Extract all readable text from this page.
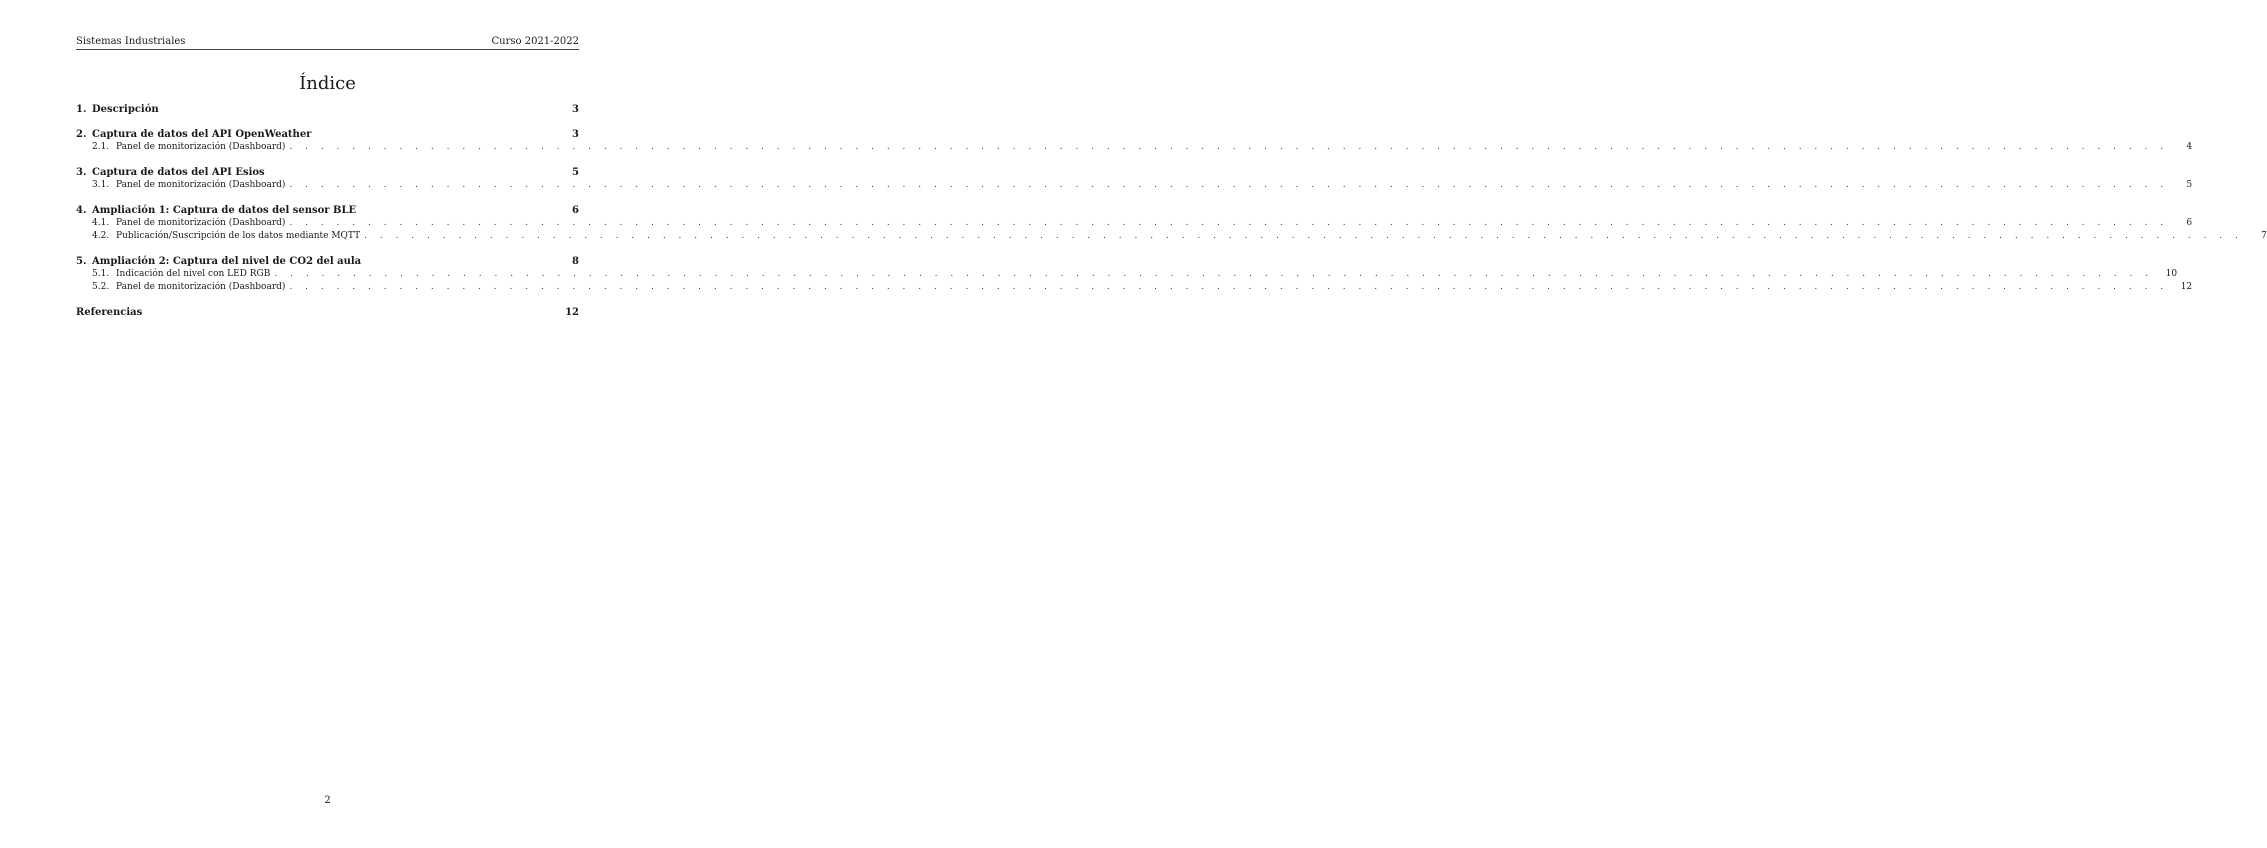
Sistemas Industriales	Curso 2021-2022
Índice
1. Descripción	3
2. Captura de datos del API OpenWeather	3
2.1. Panel de monitorización (Dashboard) . . . . . . . . . . . . . . . . . . . . . . . . . . . . . . . . . . . . . . . . . . . . . . . . . . . . . . . . . . . . . . . . . . . . . . . . . . . . . . . . . . . . . . . . . . . . . . . . . . . . . . . . . . . . . . . . . . . . . . . .	4
3. Captura de datos del API Esios	5
3.1. Panel de monitorización (Dashboard) . . . . . . . . . . . . . . . . . . . . . . . . . . . . . . . . . . . . . . . . . . . . . . . . . . . . . . . . . . . . . . . . . . . . . . . . . . . . . . . . . . . . . . . . . . . . . . . . . . . . . . . . . . . . . . . . . . . . . . . .	5
4. Ampliación 1: Captura de datos del sensor BLE	6
4.1. Panel de monitorización (Dashboard) . . . . . . . . . . . . . . . . . . . . . . . . . . . . . . . . . . . . . . . . . . . . . . . . . . . . . . . . . . . . . . . . . . . . . . . . . . . . . . . . . . . . . . . . . . . . . . . . . . . . . . . . . . . . . . . . . . . . . . . .	6
4.2. Publicación/Suscripción de los datos mediante MQTT . . . . . . . . . . . . . . . . . . . . . . . . . . . . . . . . . . . . . . . . . . . . . . . . . . . . . . . . . . . . . . . . . . . . . . . . . . . . . . . . . . . . . . . . . . . . . . . . . . . . . . . . . . . . . . . . . . . . . . . .	7
5. Ampliación 2: Captura del nivel de CO2 del aula	8
5.1. Indicación del nivel con LED RGB . . . . . . . . . . . . . . . . . . . . . . . . . . . . . . . . . . . . . . . . . . . . . . . . . . . . . . . . . . . . . . . . . . . . . . . . . . . . . . . . . . . . . . . . . . . . . . . . . . . . . . . . . . . . . . . . . . . . . . . . 10
5.2. Panel de monitorización (Dashboard) . . . . . . . . . . . . . . . . . . . . . . . . . . . . . . . . . . . . . . . . . . . . . . . . . . . . . . . . . . . . . . . . . . . . . . . . . . . . . . . . . . . . . . . . . . . . . . . . . . . . . . . . . . . . . . . . . . . . . . . . 12
Referencias	12
2
